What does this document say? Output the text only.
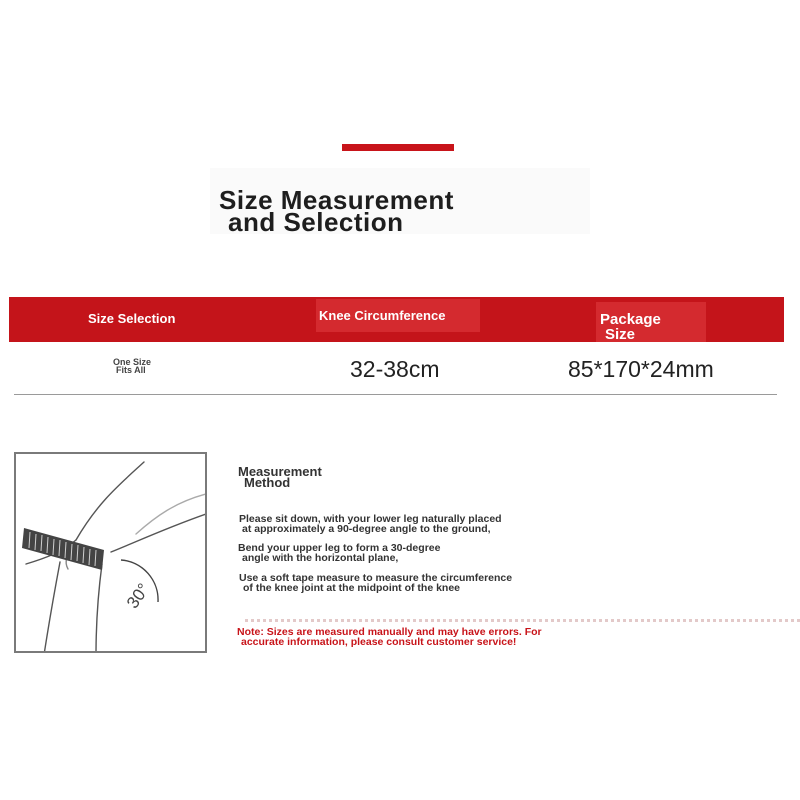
Size Measurement
and Selection
Size Selection	Knee Circumference	Package
Size
One Size
Fits All	32-38cm	85*170*24mm
30°
Measurement
Method
Please sit down, with your lower leg naturally placed
at approximately a 90-degree angle to the ground,
Bend your upper leg to form a 30-degree
angle with the horizontal plane,
Use a soft tape measure to measure the circumference
of the knee joint at the midpoint of the knee
Note: Sizes are measured manually and may have errors. For
accurate information, please consult customer service!
